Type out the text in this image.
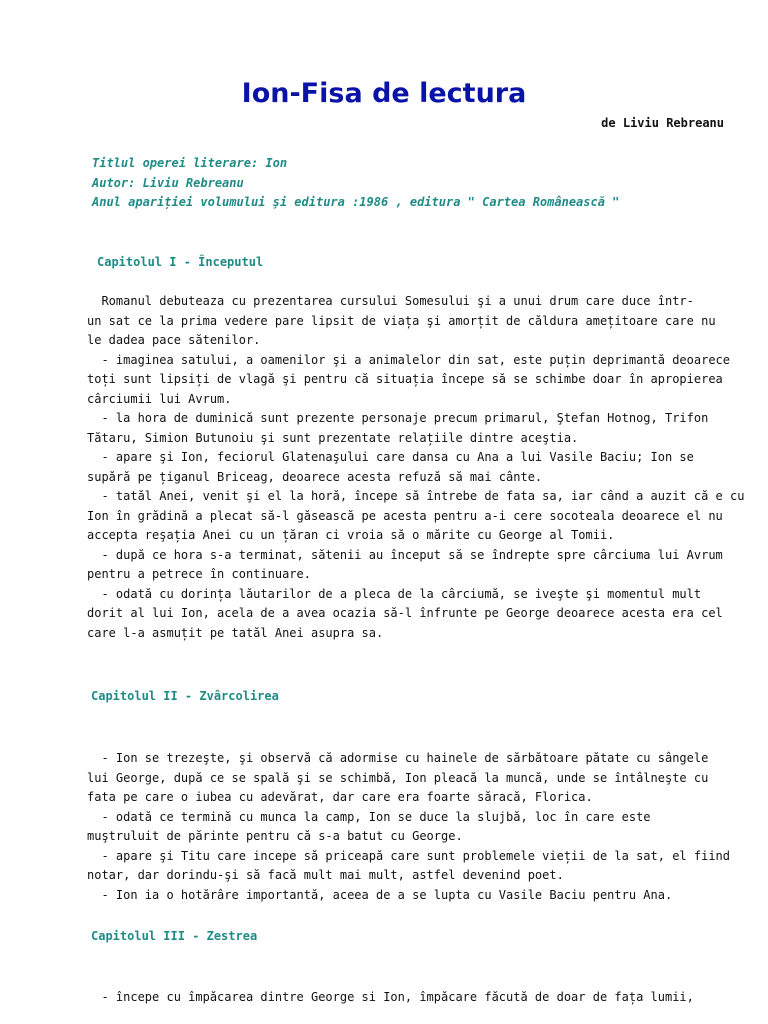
Ion-Fisa de lectura
de Liviu Rebreanu
Titlul operei literare: Ion
Autor: Liviu Rebreanu
Anul apariției volumului şi editura :1986 , editura " Cartea Românească "
Capitolul I - Începutul
Romanul debuteaza cu prezentarea cursului Somesului şi a unui drum care duce într-
un sat ce la prima vedere pare lipsit de viața şi amorțit de căldura amețitoare care nu
le dadea pace sătenilor.
- imaginea satului, a oamenilor şi a animalelor din sat, este puțin deprimantă deoarece
toți sunt lipsiți de vlagă şi pentru că situația începe să se schimbe doar în apropierea
cârciumii lui Avrum.
- la hora de duminică sunt prezente personaje precum primarul, Ştefan Hotnog, Trifon
Tătaru, Simion Butunoiu şi sunt prezentate relațiile dintre aceştia.
- apare şi Ion, feciorul Glatenaşului care dansa cu Ana a lui Vasile Baciu; Ion se
supără pe țiganul Briceag, deoarece acesta refuză să mai cânte.
- tatăl Anei, venit şi el la horă, începe să întrebe de fata sa, iar când a auzit că e cu
Ion în grădină a plecat să-l găsească pe acesta pentru a-i cere socoteala deoarece el nu
accepta reşația Anei cu un țăran ci vroia să o mărite cu George al Tomii.
- după ce hora s-a terminat, sătenii au început să se îndrepte spre cârciuma lui Avrum
pentru a petrece în continuare.
- odată cu dorința lăutarilor de a pleca de la cârciumă, se iveşte şi momentul mult
dorit al lui Ion, acela de a avea ocazia să-l înfrunte pe George deoarece acesta era cel
care l-a asmuțit pe tatăl Anei asupra sa.
Capitolul II - Zvârcolirea
- Ion se trezeşte, şi observă că adormise cu hainele de sărbătoare pătate cu sângele
lui George, după ce se spală şi se schimbă, Ion pleacă la muncă, unde se întâlneşte cu
fata pe care o iubea cu adevărat, dar care era foarte săracă, Florica.
- odată ce termină cu munca la camp, Ion se duce la slujbă, loc în care este
muştruluit de părinte pentru că s-a batut cu George.
- apare şi Titu care incepe să priceapă care sunt problemele vieții de la sat, el fiind
notar, dar dorindu-şi să facă mult mai mult, astfel devenind poet.
- Ion ia o hotărâre importantă, aceea de a se lupta cu Vasile Baciu pentru Ana.
Capitolul III - Zestrea
- începe cu împăcarea dintre George si Ion, împăcare făcută de doar de fața lumii,
